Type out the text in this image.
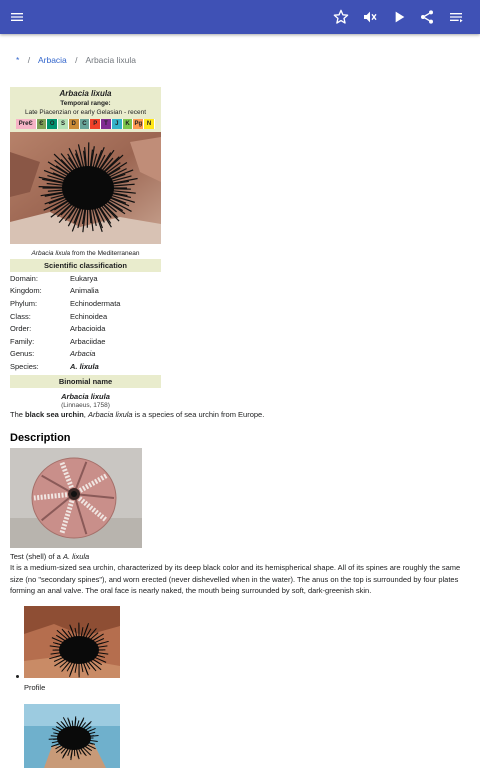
* / Arbacia / Arbacia lixula
Arbacia lixula
Temporal range:
Late Piacenzian or early Gelasian - recent
PreЄ	Є	O	S	D	C	P	T	J	K Pg N
Arbacia lixula from the Mediterranean
Scientific classification
Domain:	Eukarya
Kingdom:	Animalia
Phylum:	Echinodermata
Class:	Echinoidea
Order:	Arbacioida
Family:	Arbaciidae
Genus:	Arbacia
Species:	A. lixula
Binomial name
Arbacia lixula
(Linnaeus, 1758)
The black sea urchin, Arbacia lixula is a species of sea urchin from Europe.
Description
Test (shell) of a A. lixula
It is a medium-sized sea urchin, characterized by its deep black color and its hemispherical shape. All of its spines are roughly the same size (no "secondary spines"), and worn erected (never dishevelled when in the water). The anus on the top is surrounded by four plates forming an anal valve. The oral face is nearly naked, the mouth being surrounded by soft, dark-greenish skin.
Profile
